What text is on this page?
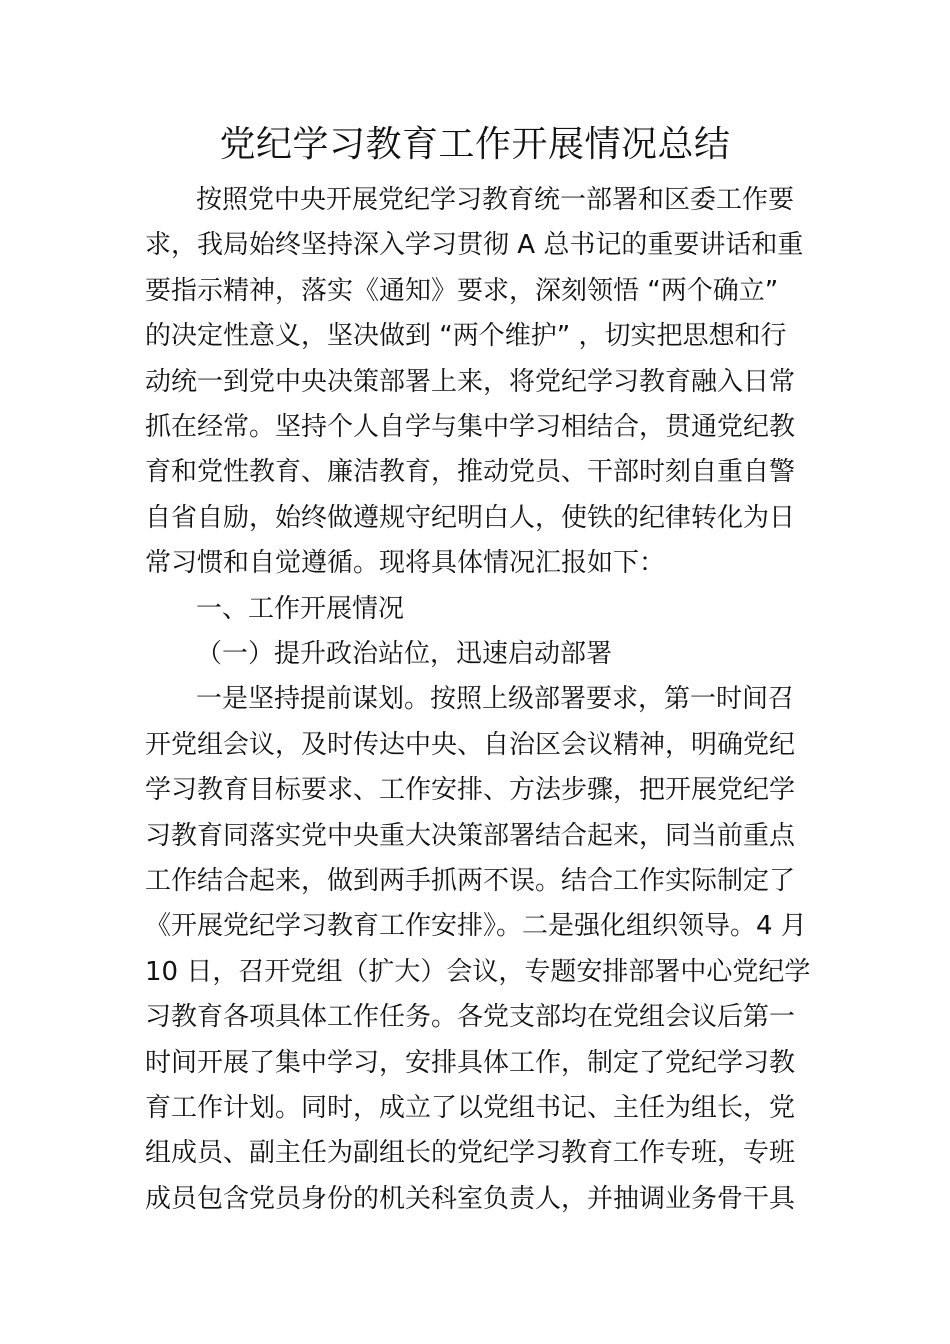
党纪学习教育工作开展情况总结

按照党中央开展党纪学习教育统一部署和区委工作要

求，我局始终坚持深入学习贯彻 A 总书记的重要讲话和重

要指示精神，落实《通知》要求，深刻领悟 “两个确立”

的决定性意义，坚决做到 “两个维护” ，切实把思想和行

动统一到党中央决策部署上来，将党纪学习教育融入日常

抓在经常。坚持个人自学与集中学习相结合，贯通党纪教

育和党性教育、廉洁教育，推动党员、干部时刻自重自警

自省自励，始终做遵规守纪明白人，使铁的纪律转化为日

常习惯和自觉遵循。现将具体情况汇报如下：

一、工作开展情况

（一）提升政治站位，迅速启动部署

一是坚持提前谋划。按照上级部署要求，第一时间召

开党组会议，及时传达中央、自治区会议精神，明确党纪

学习教育目标要求、工作安排、方法步骤，把开展党纪学

习教育同落实党中央重大决策部署结合起来，同当前重点

工作结合起来，做到两手抓两不误。结合工作实际制定了

《开展党纪学习教育工作安排》。二是强化组织领导。4 月

10 日，召开党组（扩大）会议，专题安排部署中心党纪学

习教育各项具体工作任务。各党支部均在党组会议后第一

时间开展了集中学习，安排具体工作，制定了党纪学习教

育工作计划。同时，成立了以党组书记、主任为组长，党

组成员、副主任为副组长的党纪学习教育工作专班，专班

成员包含党员身份的机关科室负责人，并抽调业务骨干具
